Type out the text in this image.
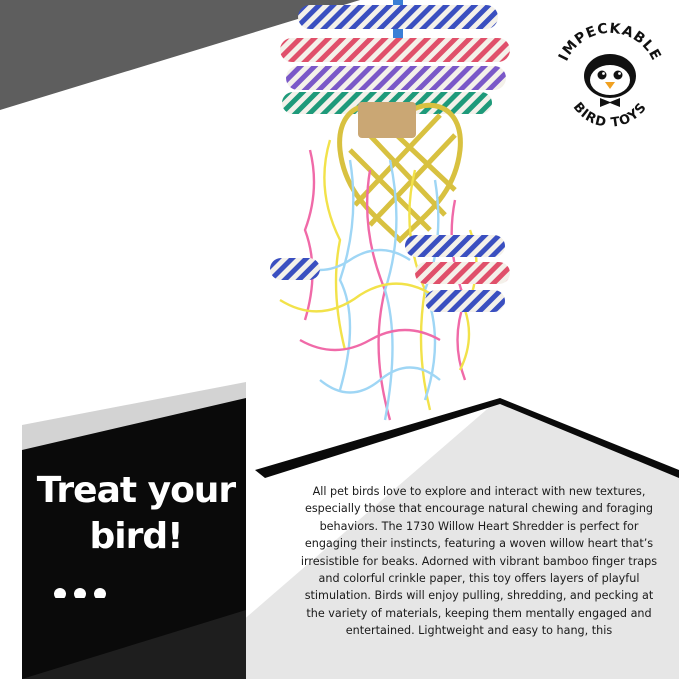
IMPECKABLE
BIRD TOYS
Treat your bird!
...
All pet birds love to explore and interact with new textures, especially those that encourage natural chewing and foraging behaviors. The 1730 Willow Heart Shredder is perfect for engaging their instincts, featuring a woven willow heart that’s irresistible for beaks. Adorned with vibrant bamboo finger traps and colorful crinkle paper, this toy offers layers of playful stimulation. Birds will enjoy pulling, shredding, and pecking at the variety of materials, keeping them mentally engaged and entertained. Lightweight and easy to hang, this
